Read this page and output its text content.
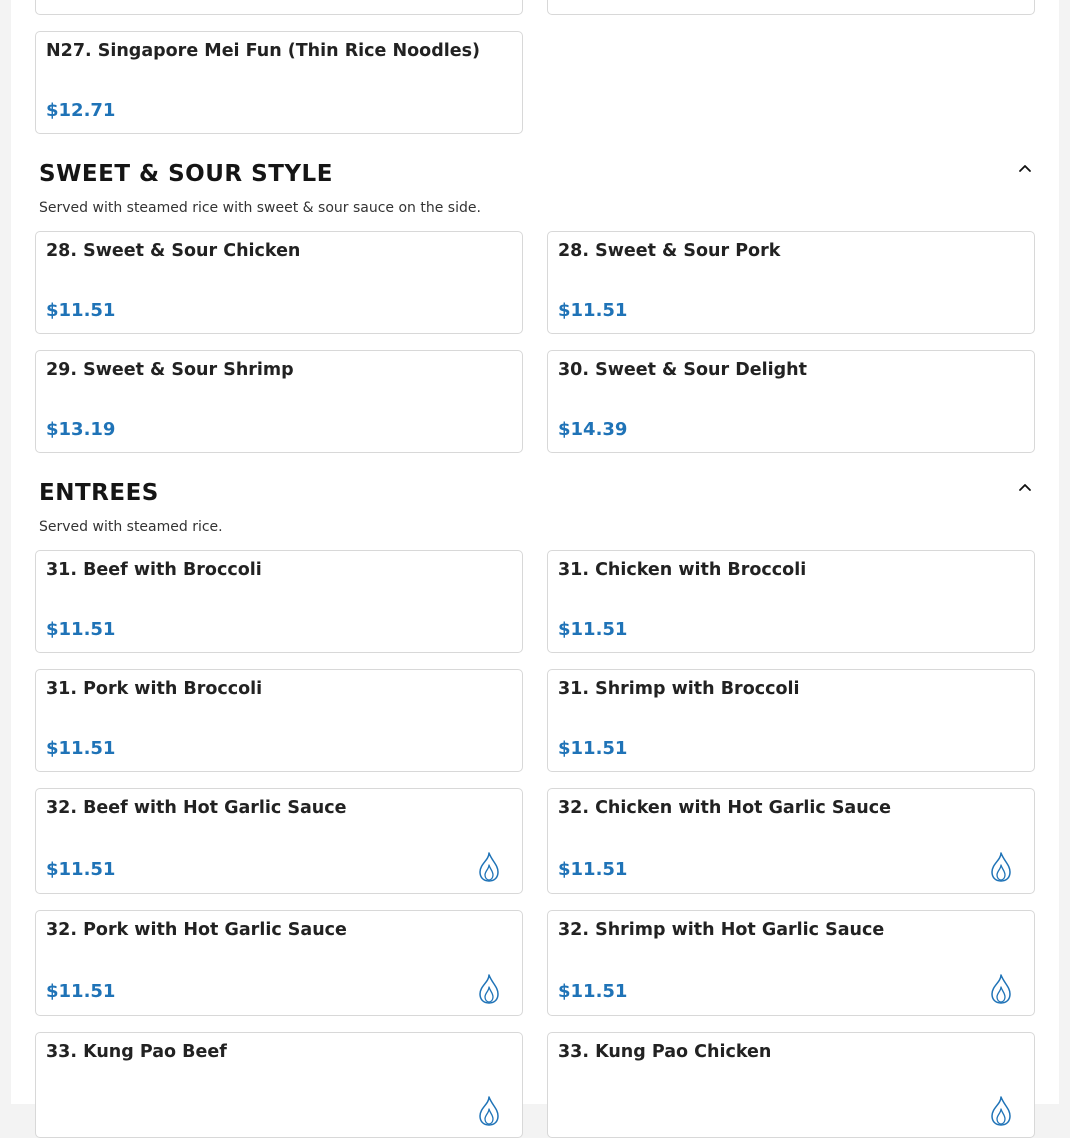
N27. Singapore Mei Fun (Thin Rice Noodles)
$12.71
SWEET & SOUR STYLE
Served with steamed rice with sweet & sour sauce on the side.
28. Sweet & Sour Chicken
$11.51
28. Sweet & Sour Pork
$11.51
29. Sweet & Sour Shrimp
$13.19
30. Sweet & Sour Delight
$14.39
ENTREES
Served with steamed rice.
31. Beef with Broccoli
$11.51
31. Chicken with Broccoli
$11.51
31. Pork with Broccoli
$11.51
31. Shrimp with Broccoli
$11.51
32. Beef with Hot Garlic Sauce
$11.51
32. Chicken with Hot Garlic Sauce
$11.51
32. Pork with Hot Garlic Sauce
$11.51
32. Shrimp with Hot Garlic Sauce
$11.51
33. Kung Pao Beef	33. Kung Pao Chicken
